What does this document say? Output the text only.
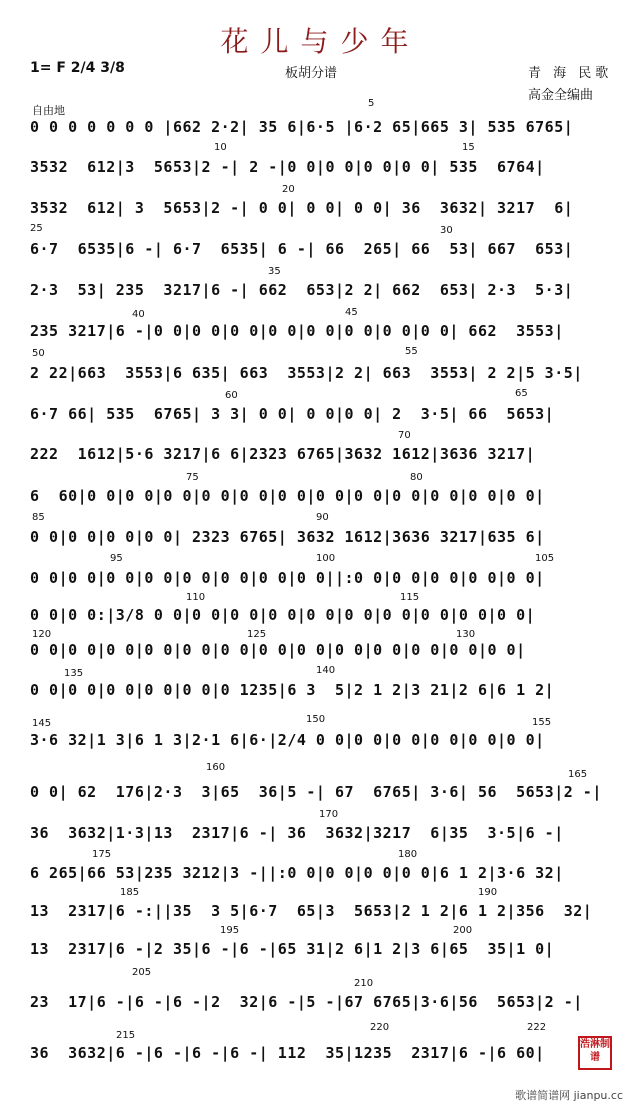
花儿与少年
1= F 2/4 3/8	板胡分谱	青 海 民歌
高金全编曲
自由地
0 0 0 0 0 0 0 |662 2·2| 35 6|6·5 |6·2 65|665 3| 535 6765|
3532  612|3  5653|2 -| 2 -|0 0|0 0|0 0|0 0| 535  6764|
3532  612| 3  5653|2 -| 0 0| 0 0| 0 0| 36  3632| 3217  6|
6·7  6535|6 -| 6·7  6535| 6 -| 66  265| 66  53| 667  653|
2·3  53| 235  3217|6 -| 662  653|2 2| 662  653| 2·3  5·3|
235 3217|6 -|0 0|0 0|0 0|0 0|0 0|0 0|0 0|0 0| 662  3553|
2 22|663  3553|6 635| 663  3553|2 2| 663  3553| 2 2|5 3·5|
6·7 66| 535  6765| 3 3| 0 0| 0 0|0 0| 2  3·5| 66  5653|
222  1612|5·6 3217|6 6|2323 6765|3632 1612|3636 3217|
6  60|0 0|0 0|0 0|0 0|0 0|0 0|0 0|0 0|0 0|0 0|0 0|0 0|
0 0|0 0|0 0|0 0| 2323 6765| 3632 1612|3636 3217|635 6|
0 0|0 0|0 0|0 0|0 0|0 0|0 0|0 0||:0 0|0 0|0 0|0 0|0 0|
0 0|0 0:|3/8 0 0|0 0|0 0|0 0|0 0|0 0|0 0|0 0|0 0|0 0|
0 0|0 0|0 0|0 0|0 0|0 0|0 0|0 0|0 0|0 0|0 0|0 0|0 0|
0 0|0 0|0 0|0 0|0 0|0 1235|6 3  5|2 1 2|3 21|2 6|6 1 2|
3·6 32|1 3|6 1 3|2·1 6|6·|2/4 0 0|0 0|0 0|0 0|0 0|0 0|
0 0| 62  176|2·3  3|65  36|5 -| 67  6765| 3·6| 56  5653|2 -|
36  3632|1·3|13  2317|6 -| 36  3632|3217  6|35  3·5|6 -|
6 265|66 53|235 3212|3 -||:0 0|0 0|0 0|0 0|6 1 2|3·6 32|
13  2317|6 -:||35  3 5|6·7  65|3  5653|2 1 2|6 1 2|356  32|
13  2317|6 -|2 35|6 -|6 -|65 31|2 6|1 2|3 6|65  35|1 0|
23  17|6 -|6 -|6 -|2  32|6 -|5 -|67 6765|3·6|56  5653|2 -|
36  3632|6 -|6 -|6 -|6 -| 112  35|1235  2317|6 -|6 60|
5
10	15
20
25	30
35
40	45
50	55
60	65
70
75	80
85	90
95	100	105
110	115
120	125	130
135	140
145	150	155
160
165
170
175	180
185	190
195	200
205
210
215
220	222
浩淋制谱
歌谱简谱网 jianpu.cc
